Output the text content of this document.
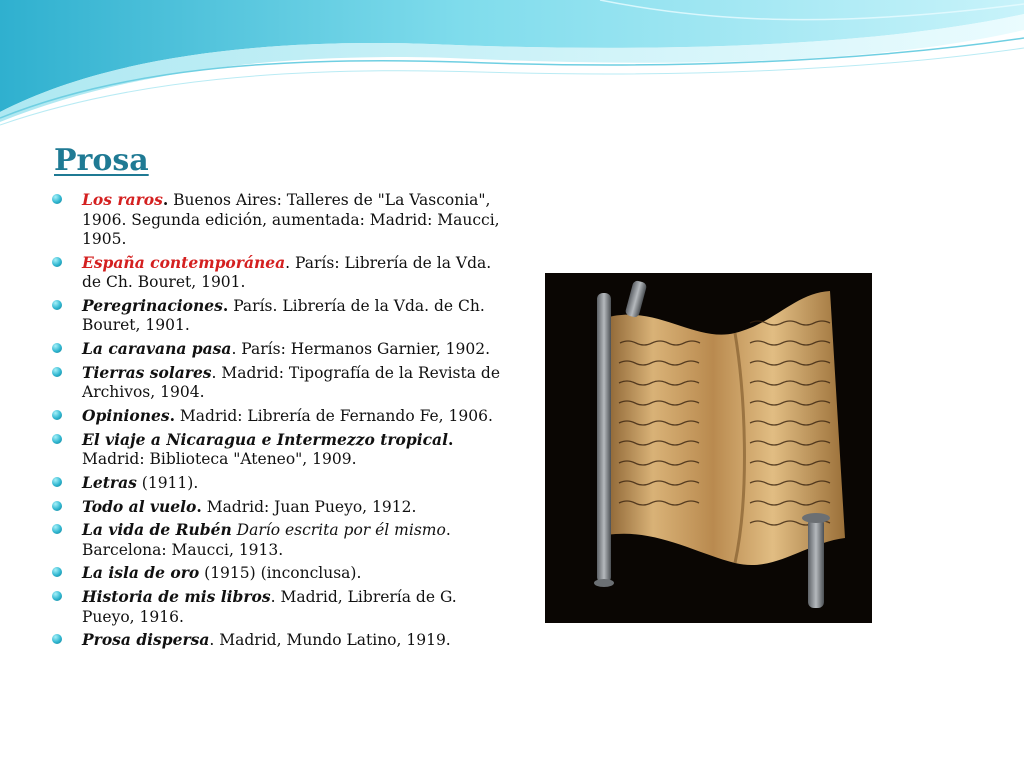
Prosa
Los raros. Buenos Aires: Talleres de "La Vasconia", 1906. Segunda edición, aumentada: Madrid: Maucci, 1905.
España contemporánea. París: Librería de la Vda. de Ch. Bouret, 1901.
Peregrinaciones. París. Librería de la Vda. de Ch. Bouret, 1901.
La caravana pasa. París: Hermanos Garnier, 1902.
Tierras solares. Madrid: Tipografía de la Revista de Archivos, 1904.
Opiniones. Madrid: Librería de Fernando Fe, 1906.
El viaje a Nicaragua e Intermezzo tropical. Madrid: Biblioteca "Ateneo", 1909.
Letras (1911).
Todo al vuelo. Madrid: Juan Pueyo, 1912.
La vida de Rubén Darío escrita por él mismo. Barcelona: Maucci, 1913.
La isla de oro (1915) (inconclusa).
Historia de mis libros. Madrid, Librería de G. Pueyo, 1916.
Prosa dispersa. Madrid, Mundo Latino, 1919.
